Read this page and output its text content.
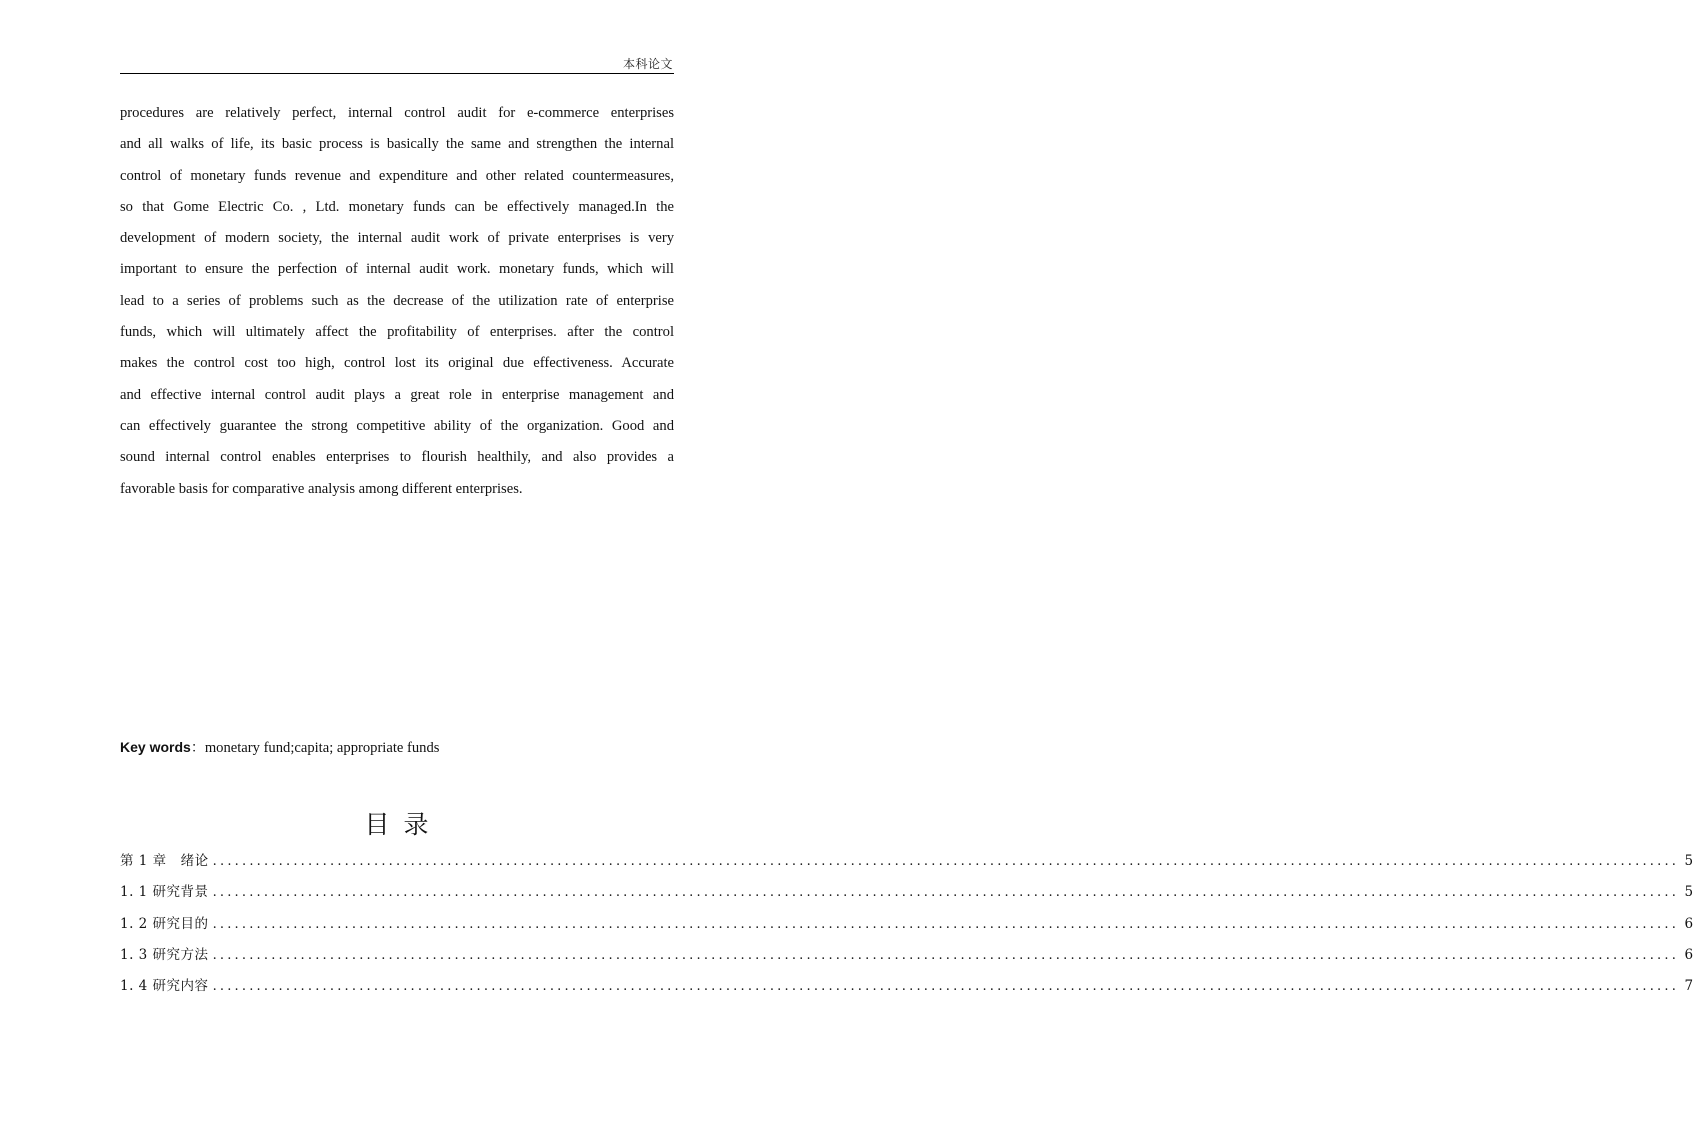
本科论文
procedures are relatively perfect, internal control audit for e-commerce enterprises
and all walks of life, its basic process is basically the same and strengthen the internal
control of monetary funds revenue and expenditure and other related countermeasures,
so that Gome Electric Co. , Ltd. monetary funds can be effectively managed.In the
development of modern society, the internal audit work of private enterprises is very
important to ensure the perfection of internal audit work. monetary funds, which will
lead to a series of problems such as the decrease of the utilization rate of enterprise
funds, which will ultimately affect the profitability of enterprises. after the control
makes the control cost too high, control lost its original due effectiveness. Accurate
and effective internal control audit plays a great role in enterprise management and
can effectively guarantee the strong competitive ability of the organization. Good and
sound internal control enables enterprises to flourish healthily, and also provides a
favorable basis for comparative analysis among different enterprises.
Key words：monetary fund;capita; appropriate funds
目录
第 1 章　绪论 ........................................................................................................................................................................................................ 5
1. 1 研究背景 ........................................................................................................................................................................................................ 5
1. 2 研究目的 ........................................................................................................................................................................................................ 6
1. 3 研究方法 ........................................................................................................................................................................................................ 6
1. 4 研究内容 ........................................................................................................................................................................................................ 7
